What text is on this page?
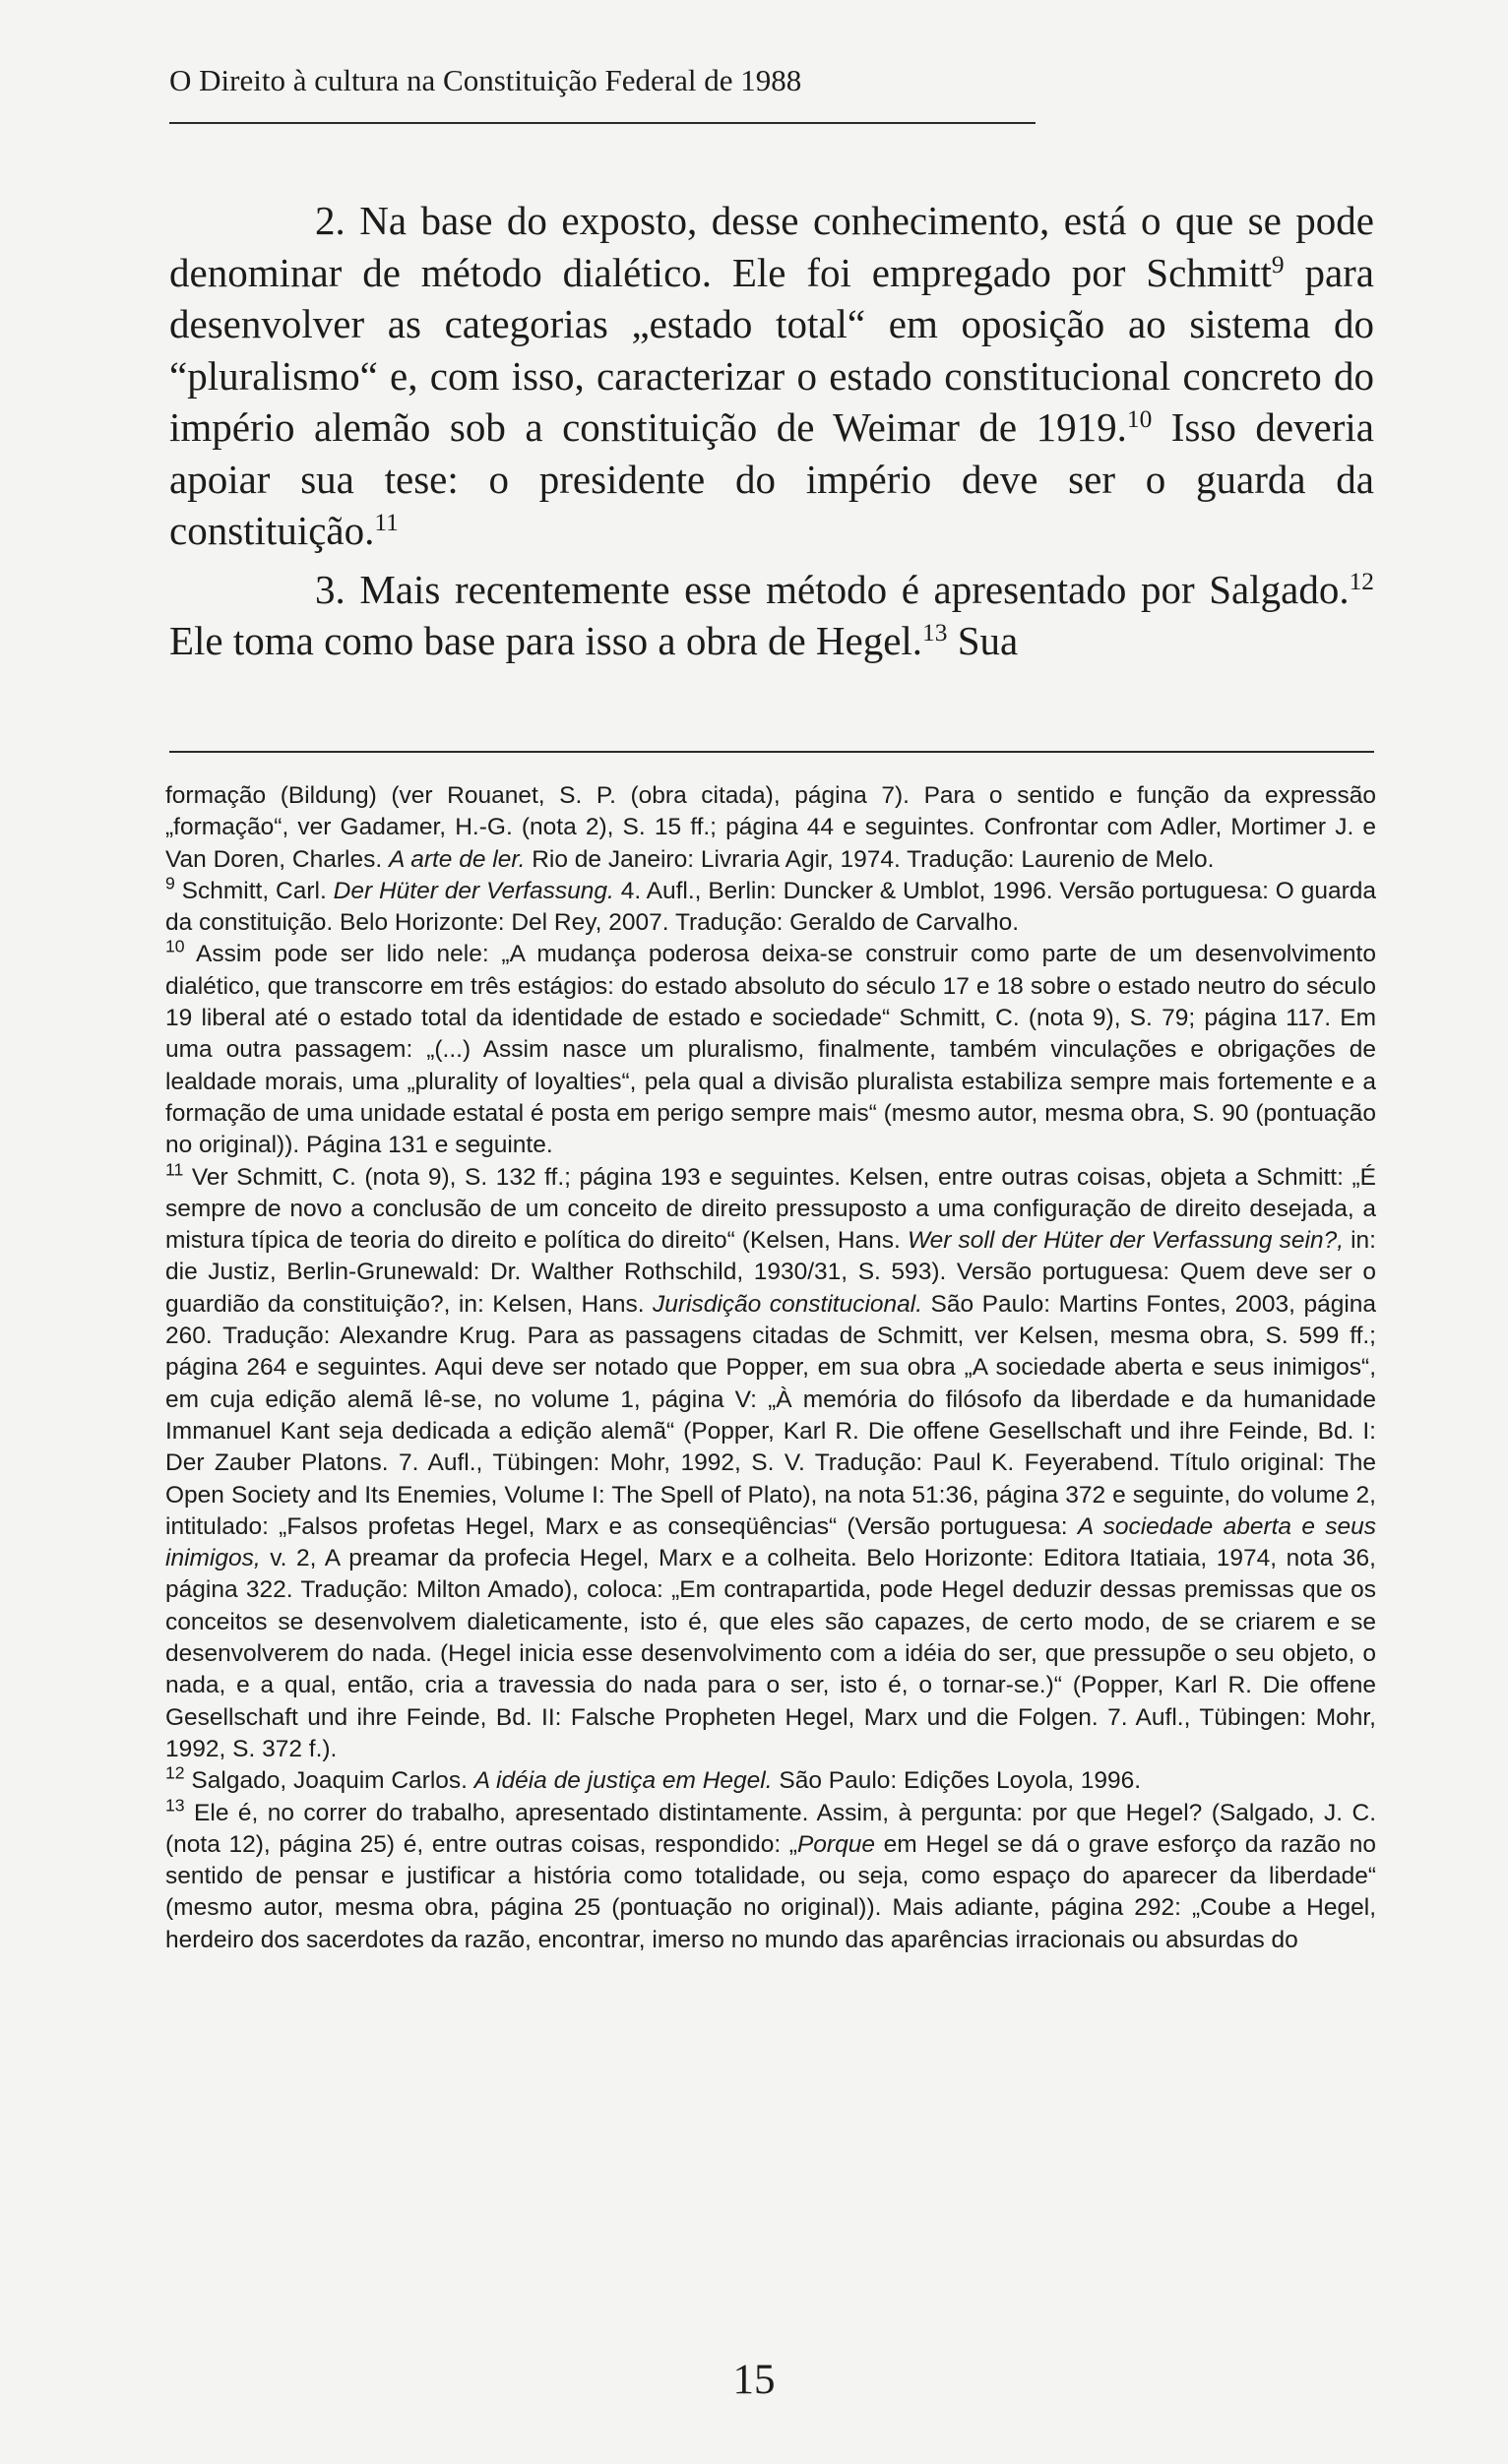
O Direito à cultura na Constituição Federal de 1988

2. Na base do exposto, desse conhecimento, está o que se pode denominar de método dialético. Ele foi empregado por Schmitt$^9$ para desenvolver as categorias „estado total“ em oposição ao sistema do “pluralismo“ e, com isso, caracterizar o estado constitucional concreto do império alemão sob a constituição de Weimar de 1919.10 Isso deveria apoiar sua tese: o presidente do império deve ser o guarda da constituição.$^{11}$

3. Mais recentemente esse método é apresentado por Salgado.$^{12}$ Ele toma como base para isso a obra de Hegel.$^{13}$ Sua

formação (Bildung) (ver Rouanet, S. P. (obra citada), página 7). Para o sentido e função da expressão „formação“, ver Gadamer, H.-G. (nota 2), S. 15 ff.; página 44 e seguintes. Confrontar com Adler, Mortimer J. e Van Doren, Charles. A arte de ler. Rio de Janeiro: Livraria Agir, 1974. Tradução: Laurenio de Melo.

$^9$ Schmitt, Carl. Der Hüter der Verfassung. 4. Aufl., Berlin: Duncker & Umblot, 1996. Versão portuguesa: O guarda da constituição. Belo Horizonte: Del Rey, 2007. Tradução: Geraldo de Carvalho.

$^{10}$ Assim pode ser lido nele: „A mudança poderosa deixa-se construir como parte de um desenvolvimento dialético, que transcorre em três estágios: do estado absoluto do século 17 e 18 sobre o estado neutro do século 19 liberal até o estado total da identidade de estado e sociedade“ Schmitt, C. (nota 9), S. 79; página 117. Em uma outra passagem: „(...) Assim nasce um pluralismo, finalmente, também vinculações e obrigações de lealdade morais, uma „plurality of loyalties“, pela qual a divisão pluralista estabiliza sempre mais fortemente e a formação de uma unidade estatal é posta em perigo sempre mais“ (mesmo autor, mesma obra, S. 90 (pontuação no original)). Página 131 e seguinte.

$^{11}$ Ver Schmitt, C. (nota 9), S. 132 ff.; página 193 e seguintes. Kelsen, entre outras coisas, objeta a Schmitt: „É sempre de novo a conclusão de um conceito de direito pressuposto a uma configuração de direito desejada, a mistura típica de teoria do direito e política do direito“ (Kelsen, Hans. Wer soll der Hüter der Verfassung sein?, in: die Justiz, Berlin-Grunewald: Dr. Walther Rothschild, 1930/31, S. 593). Versão portuguesa: Quem deve ser o guardião da constituição?, in: Kelsen, Hans. Jurisdição constitucional. São Paulo: Martins Fontes, 2003, página 260. Tradução: Alexandre Krug. Para as passagens citadas de Schmitt, ver Kelsen, mesma obra, S. 599 ff.; página 264 e seguintes. Aqui deve ser notado que Popper, em sua obra „A sociedade aberta e seus inimigos“, em cuja edição alemã lê-se, no volume 1, página V: „À memória do filósofo da liberdade e da humanidade Immanuel Kant seja dedicada a edição alemã“ (Popper, Karl R. Die offene Gesellschaft und ihre Feinde, Bd. I: Der Zauber Platons. 7. Aufl., Tübingen: Mohr, 1992, S. V. Tradução: Paul K. Feyerabend. Título original: The Open Society and Its Enemies, Volume I: The Spell of Plato), na nota 51:36, página 372 e seguinte, do volume 2, intitulado: „Falsos profetas Hegel, Marx e as conseqüências“ (Versão portuguesa: A sociedade aberta e seus inimigos, v. 2, A preamar da profecia Hegel, Marx e a colheita. Belo Horizonte: Editora Itatiaia, 1974, nota 36, página 322. Tradução: Milton Amado), coloca: „Em contrapartida, pode Hegel deduzir dessas premissas que os conceitos se desenvolvem dialeticamente, isto é, que eles são capazes, de certo modo, de se criarem e se desenvolverem do nada. (Hegel inicia esse desenvolvimento com a idéia do ser, que pressupõe o seu objeto, o nada, e a qual, então, cria a travessia do nada para o ser, isto é, o tornar-se.)“ (Popper, Karl R. Die offene Gesellschaft und ihre Feinde, Bd. II: Falsche Propheten Hegel, Marx und die Folgen. 7. Aufl., Tübingen: Mohr, 1992, S. 372 f.).

$^{12}$ Salgado, Joaquim Carlos. A idéia de justiça em Hegel. São Paulo: Edições Loyola, 1996.

$^{13}$ Ele é, no correr do trabalho, apresentado distintamente. Assim, à pergunta: por que Hegel? (Salgado, J. C. (nota 12), página 25) é, entre outras coisas, respondido: „Porque em Hegel se dá o grave esforço da razão no sentido de pensar e justificar a história como totalidade, ou seja, como espaço do aparecer da liberdade“ (mesmo autor, mesma obra, página 25 (pontuação no original)). Mais adiante, página 292: „Coube a Hegel, herdeiro dos sacerdotes da razão, encontrar, imerso no mundo das aparências irracionais ou absurdas do

15
